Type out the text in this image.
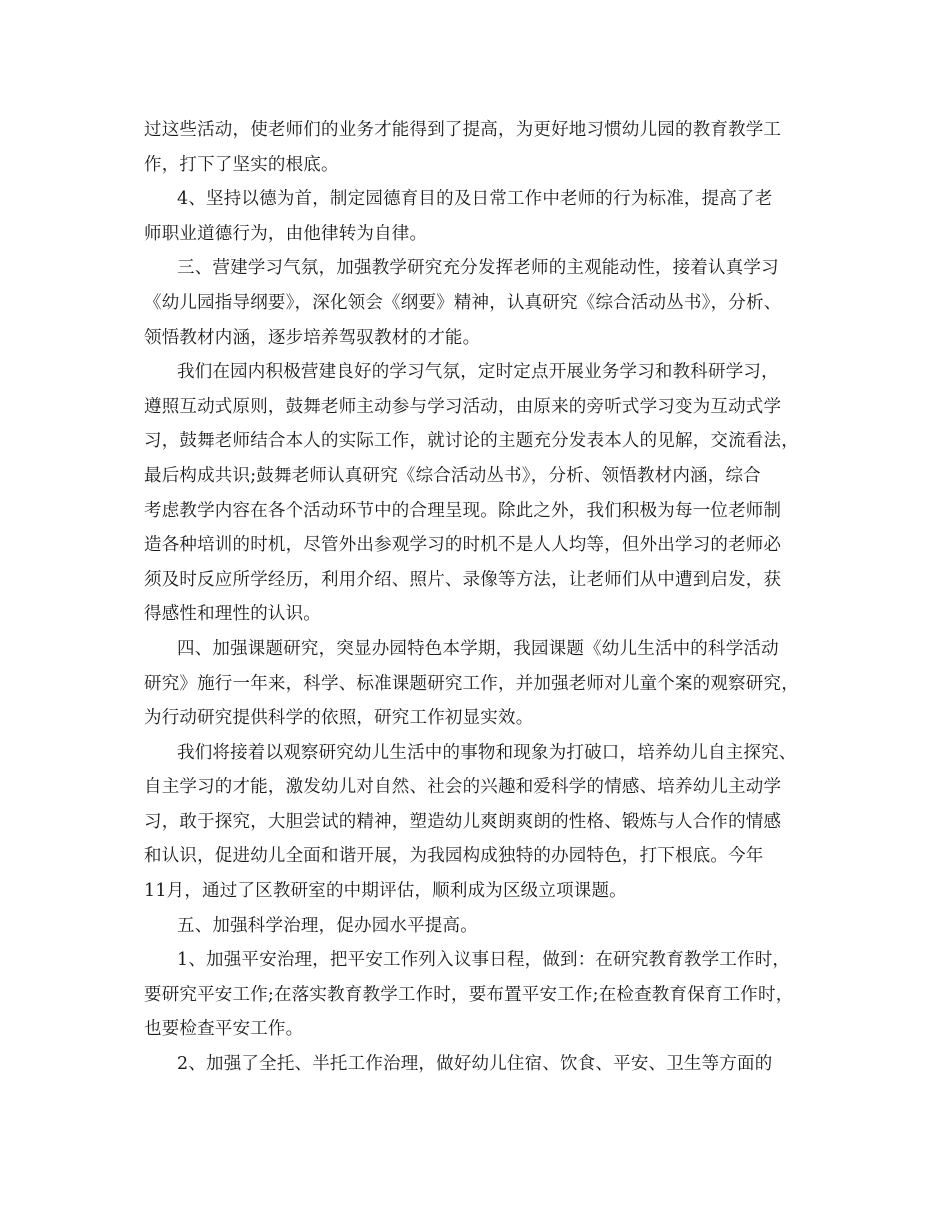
过这些活动，使老师们的业务才能得到了提高，为更好地习惯幼儿园的教育教学工
作，打下了坚实的根底。
4、坚持以德为首，制定园德育目的及日常工作中老师的行为标准，提高了老
师职业道德行为，由他律转为自律。
三、营建学习气氛，加强教学研究充分发挥老师的主观能动性，接着认真学习
《幼儿园指导纲要》，深化领会《纲要》精神，认真研究《综合活动丛书》，分析、
领悟教材内涵，逐步培养驾驭教材的才能。
我们在园内积极营建良好的学习气氛，定时定点开展业务学习和教科研学习，
遵照互动式原则，鼓舞老师主动参与学习活动，由原来的旁听式学习变为互动式学
习，鼓舞老师结合本人的实际工作，就讨论的主题充分发表本人的见解，交流看法，
最后构成共识;鼓舞老师认真研究《综合活动丛书》，分析、领悟教材内涵，综合
考虑教学内容在各个活动环节中的合理呈现。除此之外，我们积极为每一位老师制
造各种培训的时机，尽管外出参观学习的时机不是人人均等，但外出学习的老师必
须及时反应所学经历，利用介绍、照片、录像等方法，让老师们从中遭到启发，获
得感性和理性的认识。
四、加强课题研究，突显办园特色本学期，我园课题《幼儿生活中的科学活动
研究》施行一年来，科学、标准课题研究工作，并加强老师对儿童个案的观察研究，
为行动研究提供科学的依照，研究工作初显实效。
我们将接着以观察研究幼儿生活中的事物和现象为打破口，培养幼儿自主探究、
自主学习的才能，激发幼儿对自然、社会的兴趣和爱科学的情感、培养幼儿主动学
习，敢于探究，大胆尝试的精神，塑造幼儿爽朗爽朗的性格、锻炼与人合作的情感
和认识，促进幼儿全面和谐开展，为我园构成独特的办园特色，打下根底。今年
11月，通过了区教研室的中期评估，顺利成为区级立项课题。
五、加强科学治理，促办园水平提高。
1、加强平安治理，把平安工作列入议事日程，做到：在研究教育教学工作时，
要研究平安工作;在落实教育教学工作时，要布置平安工作;在检查教育保育工作时，
也要检查平安工作。
2、加强了全托、半托工作治理，做好幼儿住宿、饮食、平安、卫生等方面的
